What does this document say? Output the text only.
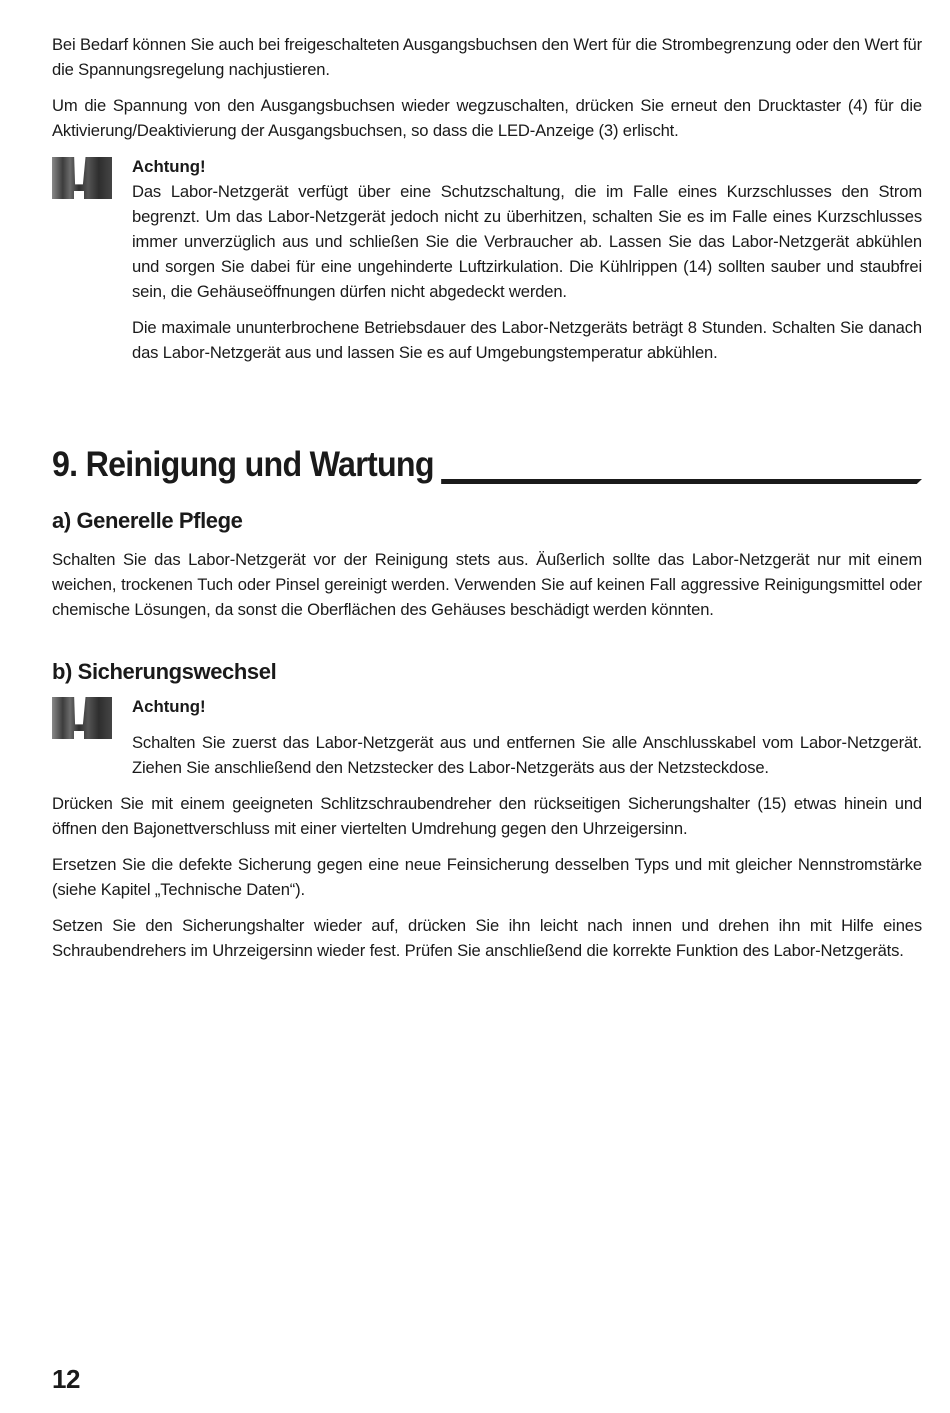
Bei Bedarf können Sie auch bei freigeschalteten Ausgangsbuchsen den Wert für die Strombegrenzung oder den Wert für die Spannungsregelung nachjustieren.

Um die Spannung von den Ausgangsbuchsen wieder wegzuschalten, drücken Sie erneut den Drucktaster (4) für die Aktivierung/Deaktivierung der Ausgangsbuchsen, so dass die LED-Anzeige (3) erlischt.

Achtung!

Das Labor-Netzgerät verfügt über eine Schutzschaltung, die im Falle eines Kurzschlusses den Strom begrenzt. Um das Labor-Netzgerät jedoch nicht zu überhitzen, schalten Sie es im Falle eines Kurzschlusses immer unverzüglich aus und schließen Sie die Verbraucher ab. Lassen Sie das Labor-Netzgerät abkühlen und sorgen Sie dabei für eine ungehinderte Luftzirkulation. Die Kühlrippen (14) sollten sauber und staubfrei sein, die Gehäuseöffnungen dürfen nicht abgedeckt werden.

Die maximale ununterbrochene Betriebsdauer des Labor-Netzgeräts beträgt 8 Stunden. Schalten Sie danach das Labor-Netzgerät aus und lassen Sie es auf Umgebungstemperatur abkühlen.

9. Reinigung und Wartung
a) Generelle Pflege

Schalten Sie das Labor-Netzgerät vor der Reinigung stets aus. Äußerlich sollte das Labor-Netzgerät nur mit einem weichen, trockenen Tuch oder Pinsel gereinigt werden. Verwenden Sie auf keinen Fall aggressive Reinigungsmittel oder chemische Lösungen, da sonst die Oberflächen des Gehäuses beschädigt werden könnten.

b) Sicherungswechsel
Achtung!

Schalten Sie zuerst das Labor-Netzgerät aus und entfernen Sie alle Anschlusskabel vom Labor-Netzgerät. Ziehen Sie anschließend den Netzstecker des Labor-Netzgeräts aus der Netzsteckdose.

Drücken Sie mit einem geeigneten Schlitzschraubendreher den rückseitigen Sicherungshalter (15) etwas hinein und öffnen den Bajonettverschluss mit einer viertelten Umdrehung gegen den Uhrzeigersinn.

Ersetzen Sie die defekte Sicherung gegen eine neue Feinsicherung desselben Typs und mit gleicher Nennstromstärke (siehe Kapitel „Technische Daten“).

Setzen Sie den Sicherungshalter wieder auf, drücken Sie ihn leicht nach innen und drehen ihn mit Hilfe eines Schraubendrehers im Uhrzeigersinn wieder fest. Prüfen Sie anschließend die korrekte Funktion des Labor-Netzgeräts.

12
